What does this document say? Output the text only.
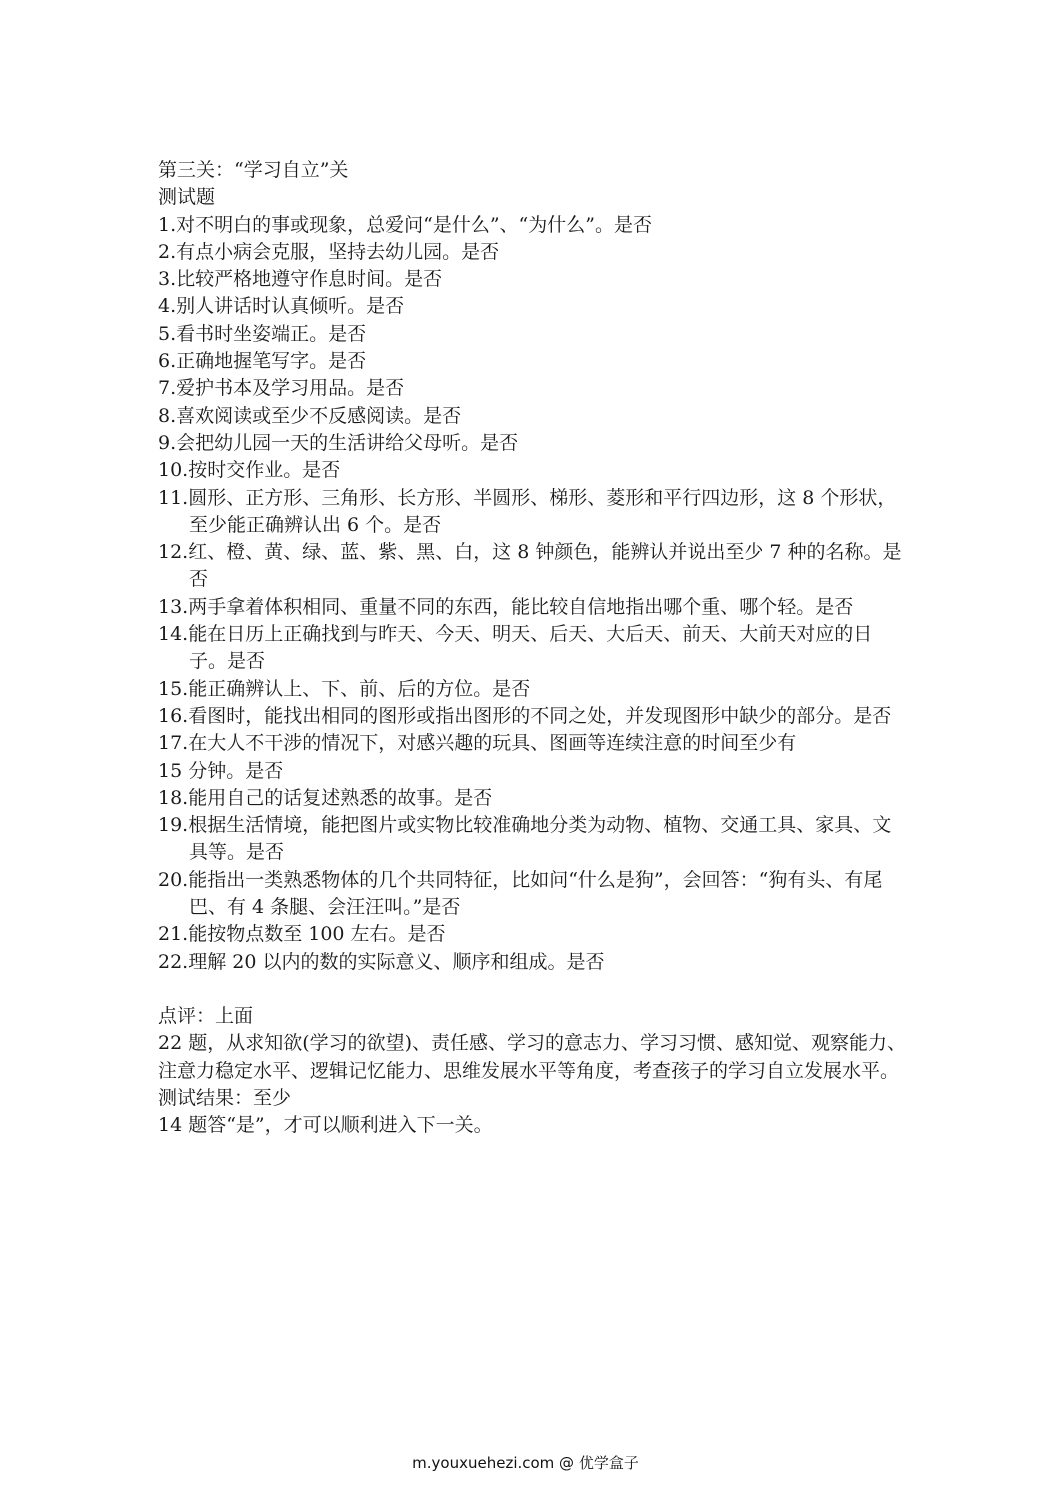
第三关：“学习自立”关
测试题
1.对不明白的事或现象，总爱问“是什么”、“为什么”。是否
2.有点小病会克服，坚持去幼儿园。是否
3.比较严格地遵守作息时间。是否
4.别人讲话时认真倾听。是否
5.看书时坐姿端正。是否
6.正确地握笔写字。是否
7.爱护书本及学习用品。是否
8.喜欢阅读或至少不反感阅读。是否
9.会把幼儿园一天的生活讲给父母听。是否
10.按时交作业。是否
11.圆形、正方形、三角形、长方形、半圆形、梯形、菱形和平行四边形，这 8 个形状，至少能正确辨认出 6 个。是否
12.红、橙、黄、绿、蓝、紫、黑、白，这 8 钟颜色，能辨认并说出至少 7 种的名称。是否
13.两手拿着体积相同、重量不同的东西，能比较自信地指出哪个重、哪个轻。是否
14.能在日历上正确找到与昨天、今天、明天、后天、大后天、前天、大前天对应的日子。是否
15.能正确辨认上、下、前、后的方位。是否
16.看图时，能找出相同的图形或指出图形的不同之处，并发现图形中缺少的部分。是否
17.在大人不干涉的情况下，对感兴趣的玩具、图画等连续注意的时间至少有
15 分钟。是否
18.能用自己的话复述熟悉的故事。是否
19.根据生活情境，能把图片或实物比较准确地分类为动物、植物、交通工具、家具、文具等。是否
20.能指出一类熟悉物体的几个共同特征，比如问“什么是狗”，会回答：“狗有头、有尾巴、有 4 条腿、会汪汪叫。”是否
21.能按物点数至 100 左右。是否
22.理解 20 以内的数的实际意义、顺序和组成。是否
点评：上面
22 题，从求知欲(学习的欲望)、责任感、学习的意志力、学习习惯、感知觉、观察能力、注意力稳定水平、逻辑记忆能力、思维发展水平等角度，考查孩子的学习自立发展水平。测试结果：至少
14 题答“是”，才可以顺利进入下一关。
m.youxuehezi.com @ 优学盒子
